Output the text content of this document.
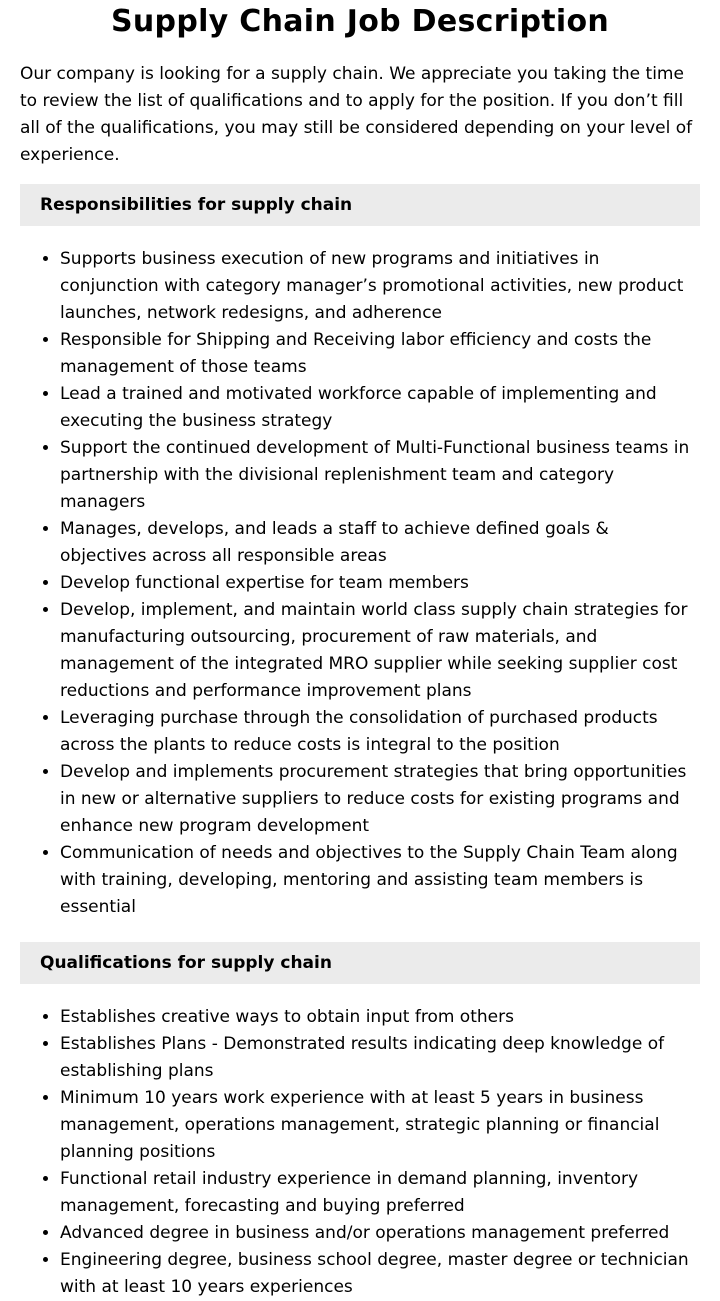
Supply Chain Job Description

Our company is looking for a supply chain. We appreciate you taking the time to review the list of qualifications and to apply for the position. If you don’t fill all of the qualifications, you may still be considered depending on your level of experience.

Responsibilities for supply chain
• Supports business execution of new programs and initiatives in conjunction with category manager’s promotional activities, new product launches, network redesigns, and adherence
• Responsible for Shipping and Receiving labor efficiency and costs the management of those teams
• Lead a trained and motivated workforce capable of implementing and executing the business strategy
• Support the continued development of Multi-Functional business teams in partnership with the divisional replenishment team and category managers
• Manages, develops, and leads a staff to achieve defined goals & objectives across all responsible areas
• Develop functional expertise for team members
• Develop, implement, and maintain world class supply chain strategies for manufacturing outsourcing, procurement of raw materials, and management of the integrated MRO supplier while seeking supplier cost reductions and performance improvement plans
• Leveraging purchase through the consolidation of purchased products across the plants to reduce costs is integral to the position
• Develop and implements procurement strategies that bring opportunities in new or alternative suppliers to reduce costs for existing programs and enhance new program development
• Communication of needs and objectives to the Supply Chain Team along with training, developing, mentoring and assisting team members is essential
Qualifications for supply chain
• Establishes creative ways to obtain input from others
• Establishes Plans - Demonstrated results indicating deep knowledge of establishing plans
• Minimum 10 years work experience with at least 5 years in business management, operations management, strategic planning or financial planning positions
• Functional retail industry experience in demand planning, inventory management, forecasting and buying preferred
• Advanced degree in business and/or operations management preferred
• Engineering degree, business school degree, master degree or technician with at least 10 years experiences
